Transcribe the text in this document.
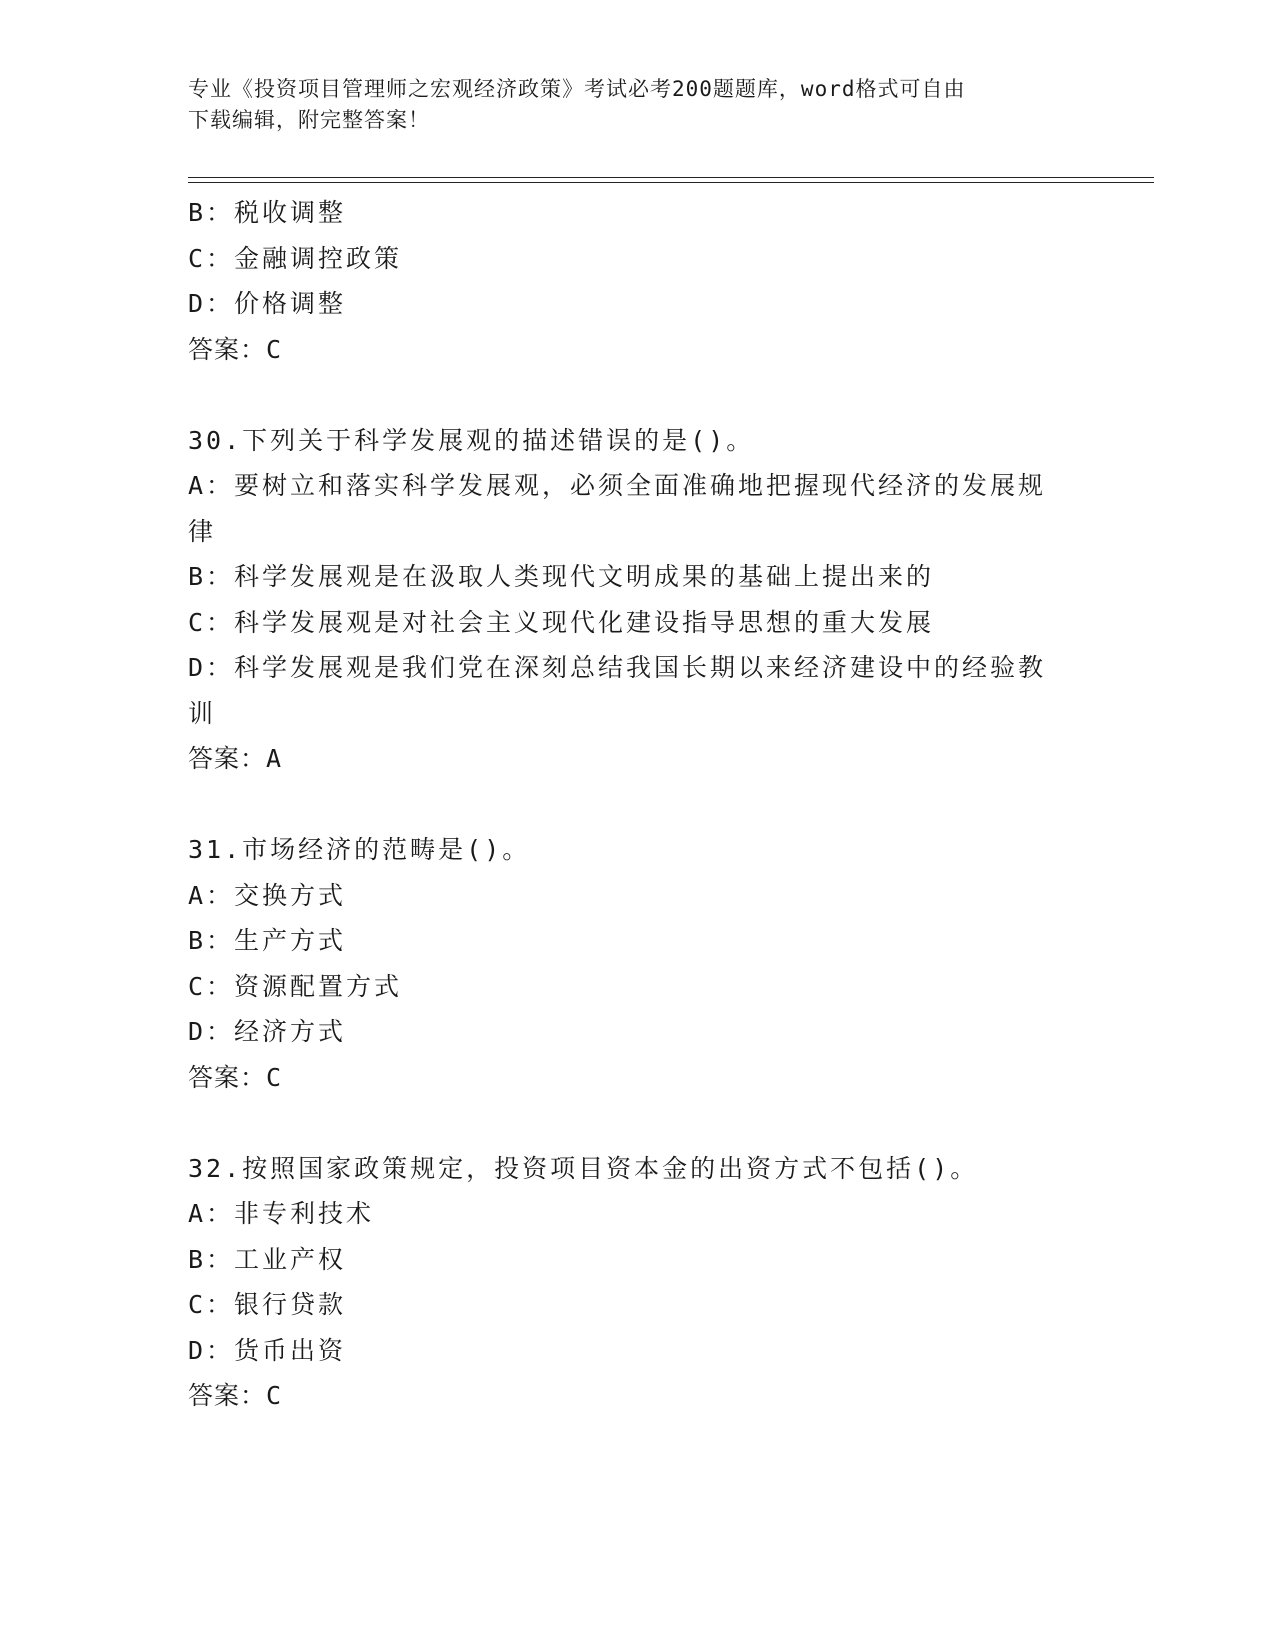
专业《投资项目管理师之宏观经济政策》考试必考200题题库，word格式可自由
下载编辑，附完整答案！

B：税收调整

C：金融调控政策

D：价格调整

答案：C

30.下列关于科学发展观的描述错误的是()。

A：要树立和落实科学发展观，必须全面准确地把握现代经济的发展规

律

B：科学发展观是在汲取人类现代文明成果的基础上提出来的

C：科学发展观是对社会主义现代化建设指导思想的重大发展

D：科学发展观是我们党在深刻总结我国长期以来经济建设中的经验教

训

答案：A

31.市场经济的范畴是()。

A：交换方式

B：生产方式

C：资源配置方式

D：经济方式

答案：C

32.按照国家政策规定，投资项目资本金的出资方式不包括()。

A：非专利技术

B：工业产权

C：银行贷款

D：货币出资

答案：C
